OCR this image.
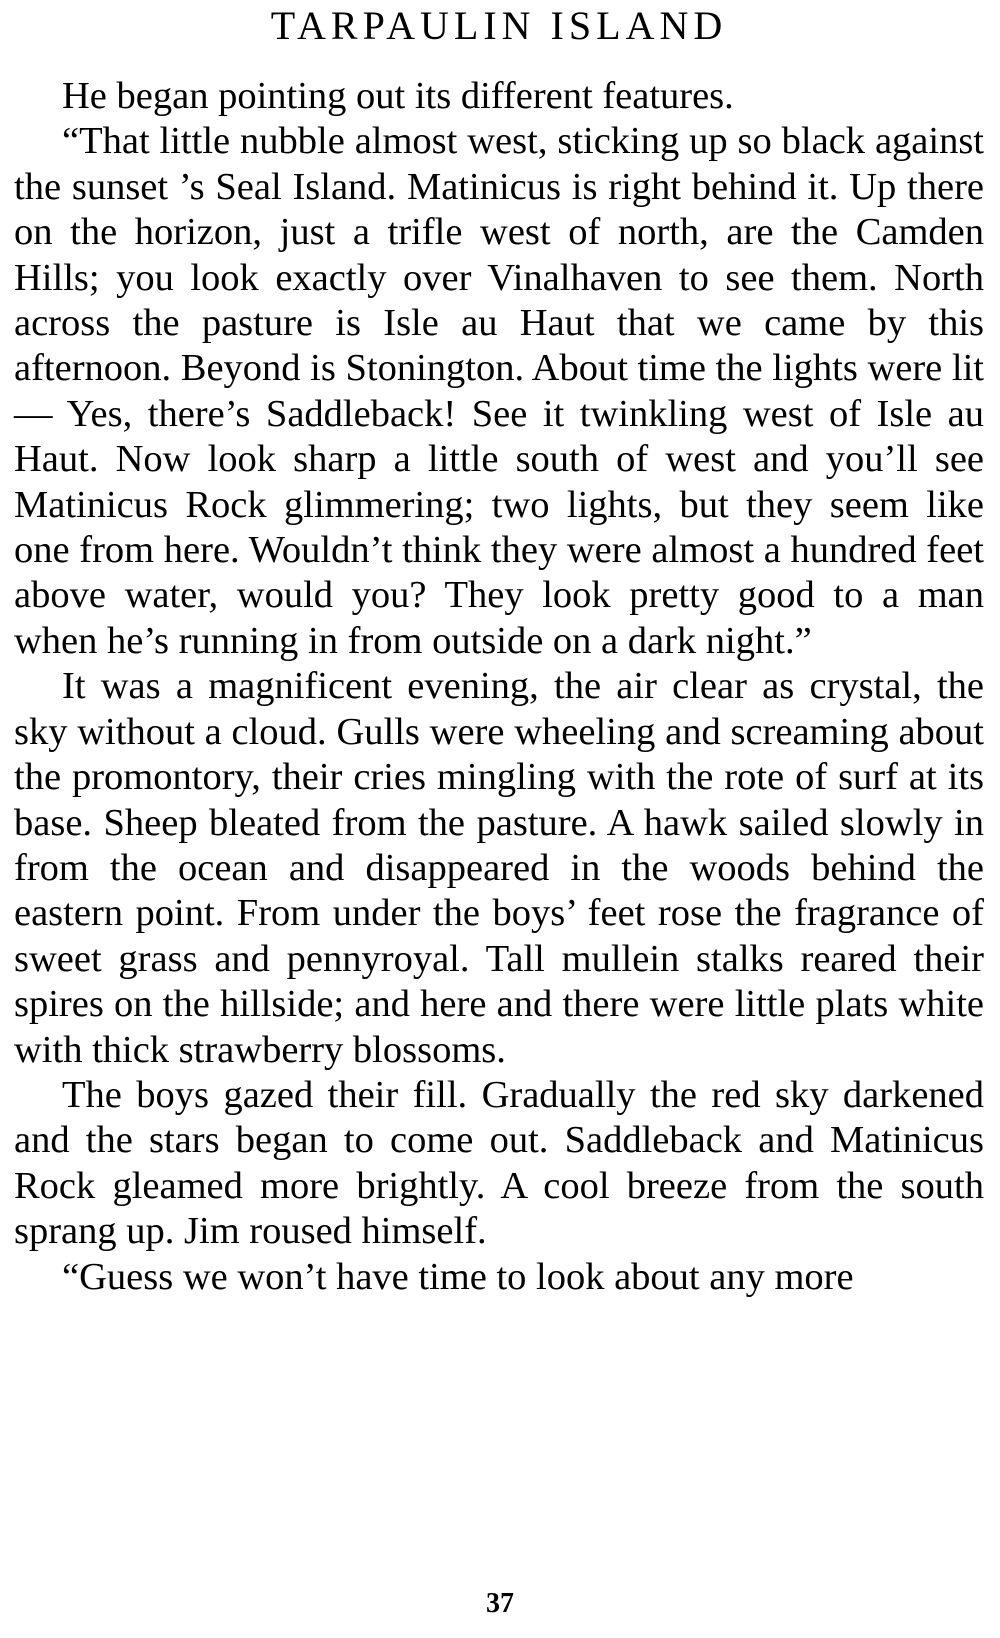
TARPAULIN ISLAND

He began pointing out its different features.

“That little nubble almost west, sticking up so black against the sunset ’s Seal Island. Matinicus is right behind it. Up there on the horizon, just a trifle west of north, are the Camden Hills; you look exactly over Vinalhaven to see them. North across the pasture is Isle au Haut that we came by this afternoon. Beyond is Stonington. About time the lights were lit— Yes, there’s Saddleback! See it twinkling west of Isle au Haut. Now look sharp a little south of west and you’ll see Matinicus Rock glimmering; two lights, but they seem like one from here. Wouldn’t think they were almost a hundred feet above water, would you? They look pretty good to a man when he’s running in from outside on a dark night.”

It was a magnificent evening, the air clear as crystal, the sky without a cloud. Gulls were wheeling and screaming about the promontory, their cries mingling with the rote of surf at its base. Sheep bleated from the pasture. A hawk sailed slowly in from the ocean and disappeared in the woods behind the eastern point. From under the boys’ feet rose the fragrance of sweet grass and pennyroyal. Tall mullein stalks reared their spires on the hillside; and here and there were little plats white with thick strawberry blossoms.

The boys gazed their fill. Gradually the red sky darkened and the stars began to come out. Saddleback and Matinicus Rock gleamed more brightly. A cool breeze from the south sprang up. Jim roused himself.

“Guess we won’t have time to look about any more

37
